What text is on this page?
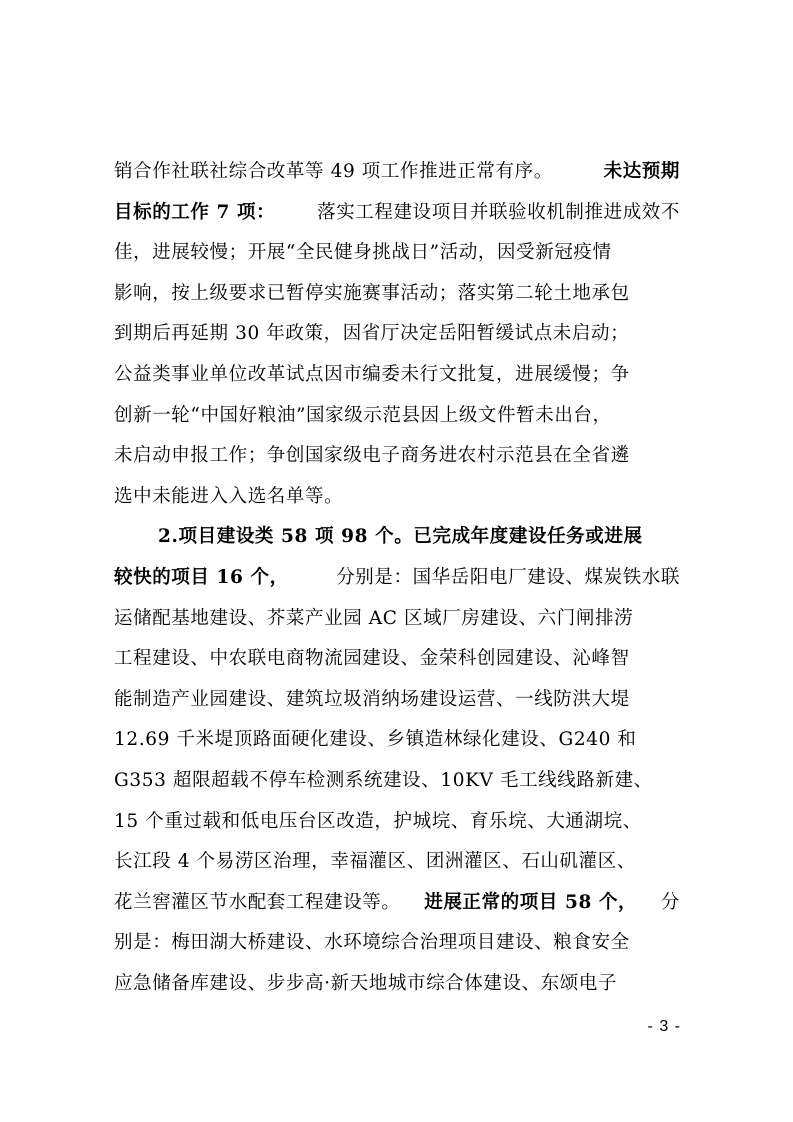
销合作社联社综合改革等 49 项工作推进正常有序。	未达预期
目标的工作 7 项： 落实工程建设项目并联验收机制推进成效不
佳，进展较慢；开展“全民健身挑战日”活动，因受新冠疫情
影响，按上级要求已暂停实施赛事活动；落实第二轮土地承包
到期后再延期 30 年政策，因省厅决定岳阳暂缓试点未启动；
公益类事业单位改革试点因市编委未行文批复，进展缓慢；争
创新一轮“中国好粮油”国家级示范县因上级文件暂未出台，
未启动申报工作；争创国家级电子商务进农村示范县在全省遴
选中未能进入入选名单等。
2.项目建设类 58 项 98 个。已完成年度建设任务或进展
较快的项目 16 个，	分别是：国华岳阳电厂建设、煤炭铁水联
运储配基地建设、芥菜产业园 AC 区域厂房建设、六门闸排涝
工程建设、中农联电商物流园建设、金荣科创园建设、沁峰智
能制造产业园建设、建筑垃圾消纳场建设运营、一线防洪大堤
12.69 千米堤顶路面硬化建设、乡镇造林绿化建设、G240 和
G353 超限超载不停车检测系统建设、10KV 毛工线线路新建、
15 个重过载和低电压台区改造，护城垸、育乐垸、大通湖垸、
长江段 4 个易涝区治理，幸福灌区、团洲灌区、石山矶灌区、
花兰窖灌区节水配套工程建设等。 进展正常的项目 58 个， 分
别是：梅田湖大桥建设、水环境综合治理项目建设、粮食安全
应急储备库建设、步步高·新天地城市综合体建设、东颂电子
- 3 -
